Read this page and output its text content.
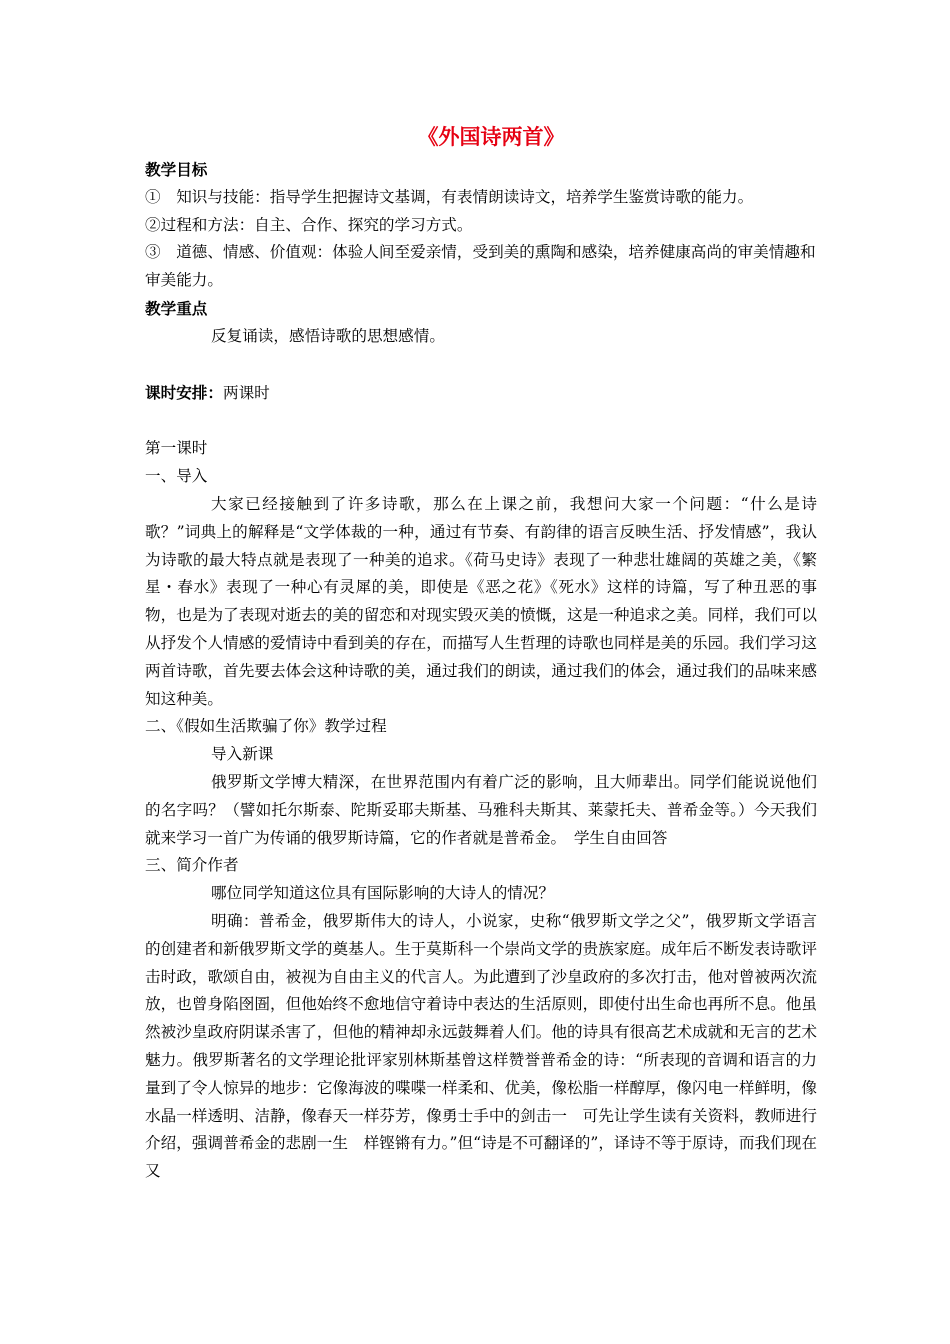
《外国诗两首》

教学目标

①　知识与技能：指导学生把握诗文基调，有表情朗读诗文，培养学生鉴赏诗歌的能力。

②过程和方法：自主、合作、探究的学习方式。

③　道德、情感、价值观：体验人间至爱亲情，受到美的熏陶和感染，培养健康高尚的审美情趣和审美能力。

教学重点

反复诵读，感悟诗歌的思想感情。

课时安排：两课时

第一课时

一、导入

大家已经接触到了许多诗歌，那么在上课之前，我想问大家一个问题：“什么是诗歌？”词典上的解释是“文学体裁的一种，通过有节奏、有韵律的语言反映生活、抒发情感”，我认为诗歌的最大特点就是表现了一种美的追求。《荷马史诗》表现了一种悲壮雄阔的英雄之美，《繁星・春水》表现了一种心有灵犀的美，即使是《恶之花》《死水》这样的诗篇，写了种丑恶的事物，也是为了表现对逝去的美的留恋和对现实毁灭美的愤慨，这是一种追求之美。同样，我们可以从抒发个人情感的爱情诗中看到美的存在，而描写人生哲理的诗歌也同样是美的乐园。我们学习这两首诗歌，首先要去体会这种诗歌的美，通过我们的朗读，通过我们的体会，通过我们的品味来感知这种美。

二、《假如生活欺骗了你》教学过程

导入新课

俄罗斯文学博大精深，在世界范围内有着广泛的影响，且大师辈出。同学们能说说他们的名字吗？（譬如托尔斯泰、陀斯妥耶夫斯基、马雅科夫斯其、莱蒙托夫、普希金等。）今天我们就来学习一首广为传诵的俄罗斯诗篇，它的作者就是普希金。　学生自由回答

三、简介作者

哪位同学知道这位具有国际影响的大诗人的情况？

明确：普希金，俄罗斯伟大的诗人，小说家，史称“俄罗斯文学之父”，俄罗斯文学语言的创建者和新俄罗斯文学的奠基人。生于莫斯科一个崇尚文学的贵族家庭。成年后不断发表诗歌评击时政，歌颂自由，被视为自由主义的代言人。为此遭到了沙皇政府的多次打击，他对曾被两次流放，也曾身陷囹圄，但他始终不愈地信守着诗中表达的生活原则，即使付出生命也再所不息。他虽然被沙皇政府阴谋杀害了，但他的精神却永远鼓舞着人们。他的诗具有很高艺术成就和无言的艺术魅力。俄罗斯著名的文学理论批评家别林斯基曾这样赞誉普希金的诗：“所表现的音调和语言的力量到了令人惊异的地步：它像海波的喋喋一样柔和、优美，像松脂一样醇厚，像闪电一样鲜明，像水晶一样透明、洁静，像春天一样芬芳，像勇士手中的剑击一　可先让学生读有关资料，教师进行介绍，强调普希金的悲剧一生　样铿锵有力。”但“诗是不可翻译的”，译诗不等于原诗，而我们现在又
